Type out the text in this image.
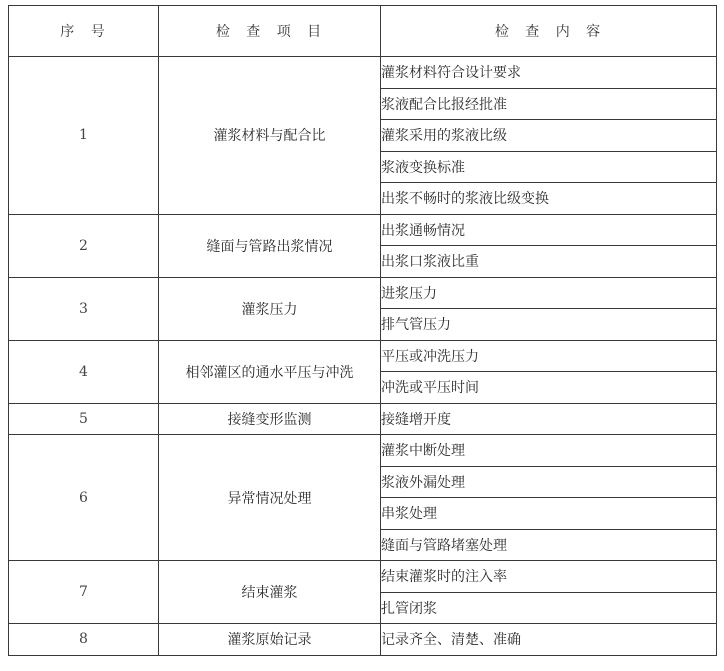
序 号	检 查 项 目	检 查 内 容
1	灌浆材料与配合比	灌浆材料符合设计要求
		浆液配合比报经批准
		灌浆采用的浆液比级
		浆液变换标准
		出浆不畅时的浆液比级变换
2	缝面与管路出浆情况	出浆通畅情况
		出浆口浆液比重
3	灌浆压力	进浆压力
		排气管压力
4	相邻灌区的通水平压与冲洗	平压或冲洗压力
		冲洗或平压时间
5	接缝变形监测	接缝增开度
6	异常情况处理	灌浆中断处理
		浆液外漏处理
		串浆处理
		缝面与管路堵塞处理
7	结束灌浆	结束灌浆时的注入率
		扎管闭浆
8	灌浆原始记录	记录齐全、清楚、准确
